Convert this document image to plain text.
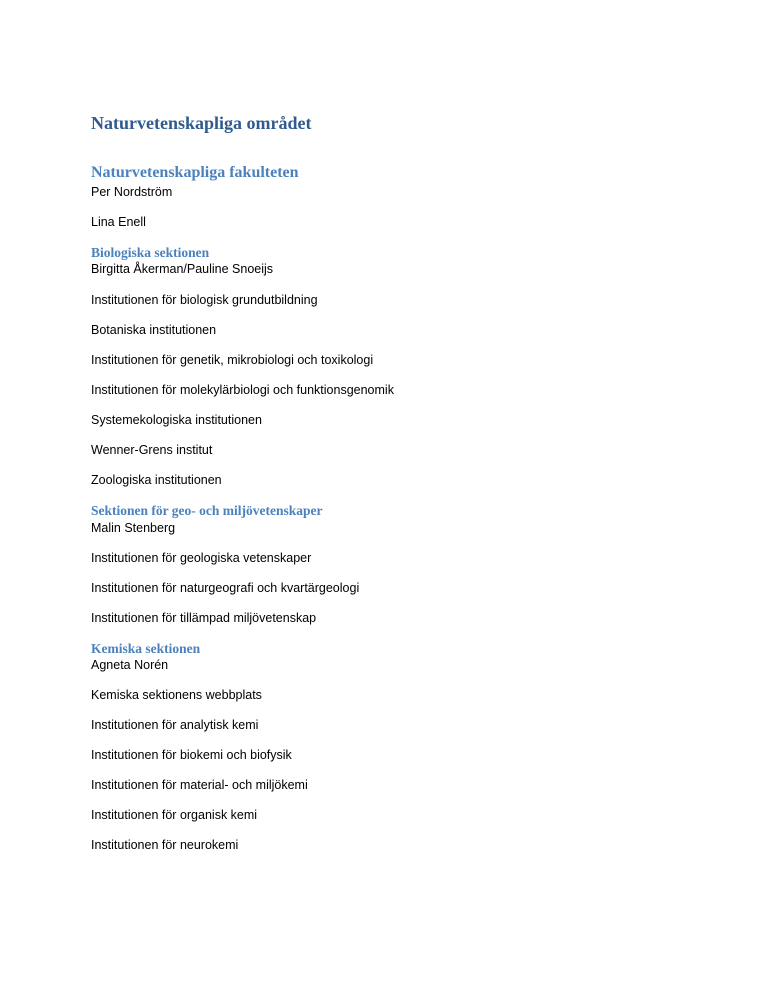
Naturvetenskapliga området
Naturvetenskapliga fakulteten
Per Nordström
Lina Enell
Biologiska sektionen
Birgitta Åkerman/Pauline Snoeijs
Institutionen för biologisk grundutbildning
Botaniska institutionen
Institutionen för genetik, mikrobiologi och toxikologi
Institutionen för molekylärbiologi och funktionsgenomik
Systemekologiska institutionen
Wenner-Grens institut
Zoologiska institutionen
Sektionen för geo- och miljövetenskaper
Malin Stenberg
Institutionen för geologiska vetenskaper
Institutionen för naturgeografi och kvartärgeologi
Institutionen för tillämpad miljövetenskap
Kemiska sektionen
Agneta Norén
Kemiska sektionens webbplats
Institutionen för analytisk kemi
Institutionen för biokemi och biofysik
Institutionen för material- och miljökemi
Institutionen för organisk kemi
Institutionen för neurokemi
